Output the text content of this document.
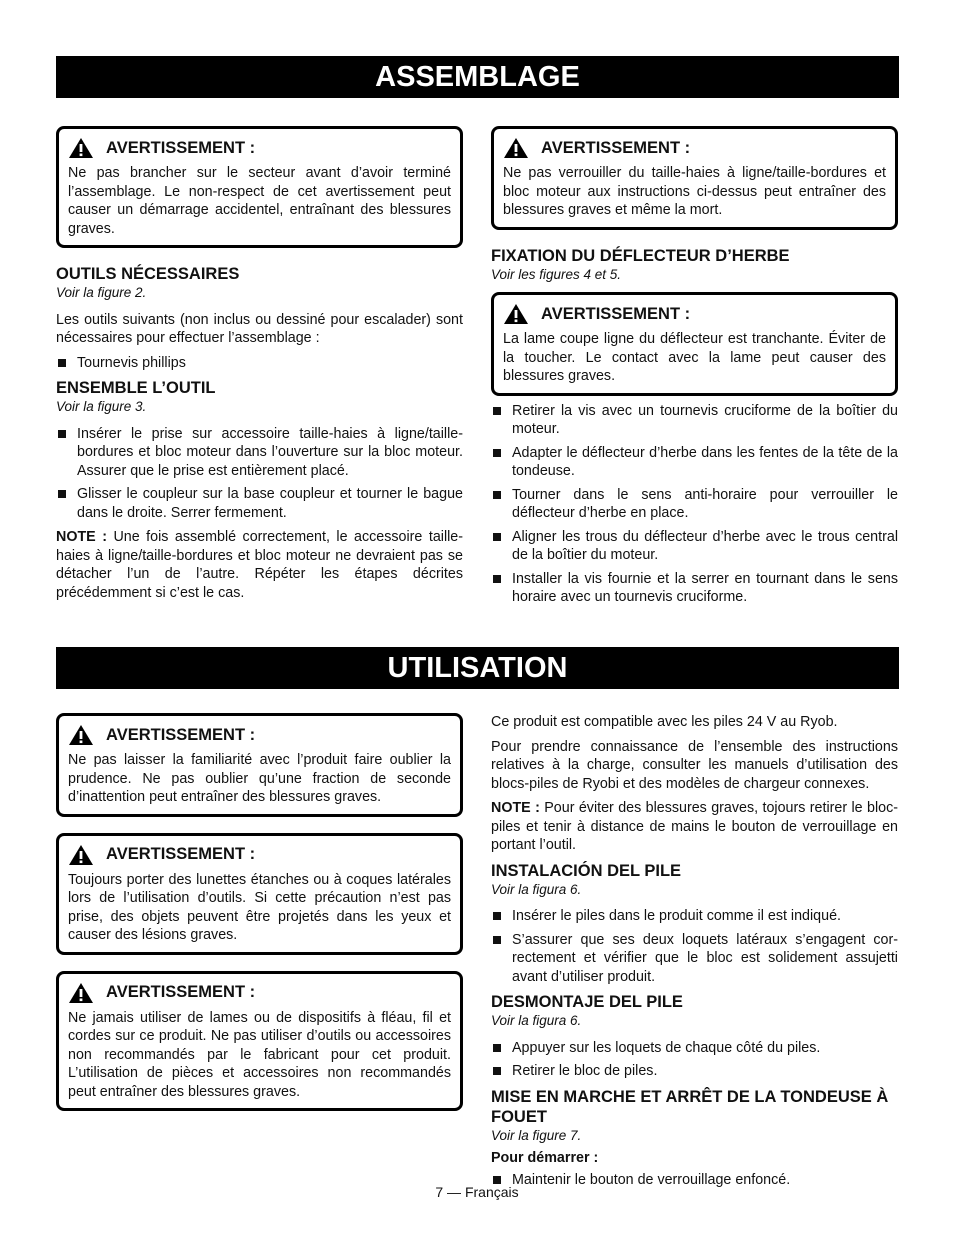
ASSEMBLAGE
AVERTISSEMENT :
Ne pas brancher sur le secteur avant d’avoir terminé l’assemblage. Le non-respect de cet avertissement peut causer un démarrage accidentel, entraînant des blessures graves.
OUTILS NÉCESSAIRES
Voir la figure 2.

Les outils suivants (non inclus ou dessiné pour escalader) sont nécessaires pour effectuer l’assemblage :

Tournevis phillips
ENSEMBLE L’OUTIL
Voir la figure 3.
Insérer le prise sur accessoire taille-haies à ligne/taille-bordures et bloc moteur dans l’ouverture sur la bloc moteur. Assurer que le prise est entièrement placé.
Glisser le coupleur sur la base coupleur et tourner le bague dans le droite. Serrer fermement.

NOTE : Une fois assemblé correctement, le accessoire taille-haies à ligne/taille-bordures et bloc moteur ne devraient pas se détacher l’un de l’autre. Répéter les étapes décrites précédemment si c’est le cas.

AVERTISSEMENT :
Ne pas verrouiller du taille-haies à ligne/taille-bordures et bloc moteur aux instructions ci-dessus peut entraîner des blessures graves et même la mort.
FIXATION DU DÉFLECTEUR D’HERBE
Voir les figures 4 et 5.
AVERTISSEMENT :
La lame coupe ligne du déflecteur est tranchante. Éviter de la toucher. Le contact avec la lame peut causer des blessures graves.
Retirer la vis avec un tournevis cruciforme de la boîtier du moteur.
Adapter le déflecteur d’herbe dans les fentes de la tête de la tondeuse.
Tourner dans le sens anti-horaire pour verrouiller le déflecteur d’herbe en place.
Aligner les trous du déflecteur d’herbe avec le trous central de la boîtier du moteur.
Installer la vis fournie et la serrer en tournant dans le sens horaire avec un tournevis cruciforme.
UTILISATION
AVERTISSEMENT :
Ne pas laisser la familiarité avec l’produit faire oublier la prudence. Ne pas oublier qu’une fraction de seconde d’inattention peut entraîner des blessures graves.
AVERTISSEMENT :
Toujours porter des lunettes étanches ou à coques latérales lors de l’utilisation d’outils. Si cette précaution n’est pas prise, des objets peuvent être projetés dans les yeux et causer des lésions graves.
AVERTISSEMENT :
Ne jamais utiliser de lames ou de dispositifs à fléau, fil et cordes sur ce produit. Ne pas utiliser d’outils ou accessoires non recommandés par le fabricant pour cet produit. L’utilisation de pièces et accessoires non recommandés peut entraîner des blessures graves.

Ce produit est compatible avec les piles 24 V au Ryob.

Pour prendre connaissance de l’ensemble des instructions relatives à la charge, consulter les manuels d’utilisation des blocs-piles de Ryobi et des modèles de chargeur connexes.

NOTE : Pour éviter des blessures graves, tojours retirer le bloc-piles et tenir à distance de mains le bouton de verrouillage en portant l’outil.

INSTALACIÓN DEL PILE
Voir la figura 6.
Insérer le piles dans le produit comme il est indiqué.
S’assurer que ses deux loquets latéraux s’engagent cor-rectement et vérifier que le bloc est solidement assujetti avant d’utiliser produit.
DESMONTAJE DEL PILE
Voir la figura 6.
Appuyer sur les loquets de chaque côté du piles.
Retirer le bloc de piles.
MISE EN MARCHE ET ARRÊT DE LA TONDEUSE À FOUET
Voir la figure 7.
Pour démarrer :
Maintenir le bouton de verrouillage enfoncé.
7 — Français
